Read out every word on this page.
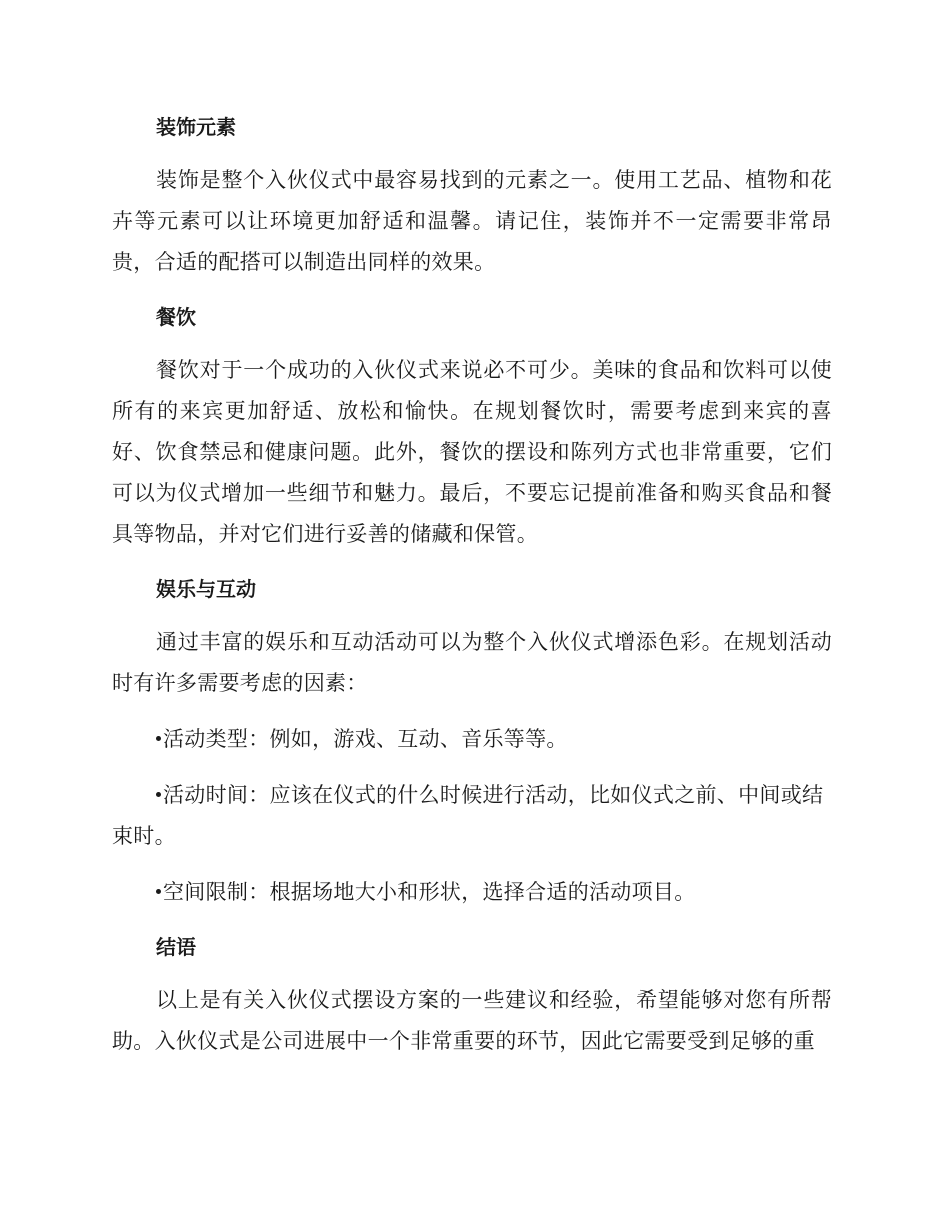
装饰元素

装饰是整个入伙仪式中最容易找到的元素之一。使用工艺品、植物和花卉等元素可以让环境更加舒适和温馨。请记住，装饰并不一定需要非常昂贵，合适的配搭可以制造出同样的效果。

餐饮

餐饮对于一个成功的入伙仪式来说必不可少。美味的食品和饮料可以使所有的来宾更加舒适、放松和愉快。在规划餐饮时，需要考虑到来宾的喜好、饮食禁忌和健康问题。此外，餐饮的摆设和陈列方式也非常重要，它们可以为仪式增加一些细节和魅力。最后，不要忘记提前准备和购买食品和餐具等物品，并对它们进行妥善的储藏和保管。

娱乐与互动

通过丰富的娱乐和互动活动可以为整个入伙仪式增添色彩。在规划活动时有许多需要考虑的因素：

活动类型：例如，游戏、互动、音乐等等。

活动时间：应该在仪式的什么时候进行活动，比如仪式之前、中间或结束时。

空间限制：根据场地大小和形状，选择合适的活动项目。

结语

以上是有关入伙仪式摆设方案的一些建议和经验，希望能够对您有所帮助。入伙仪式是公司进展中一个非常重要的环节，因此它需要受到足够的重
